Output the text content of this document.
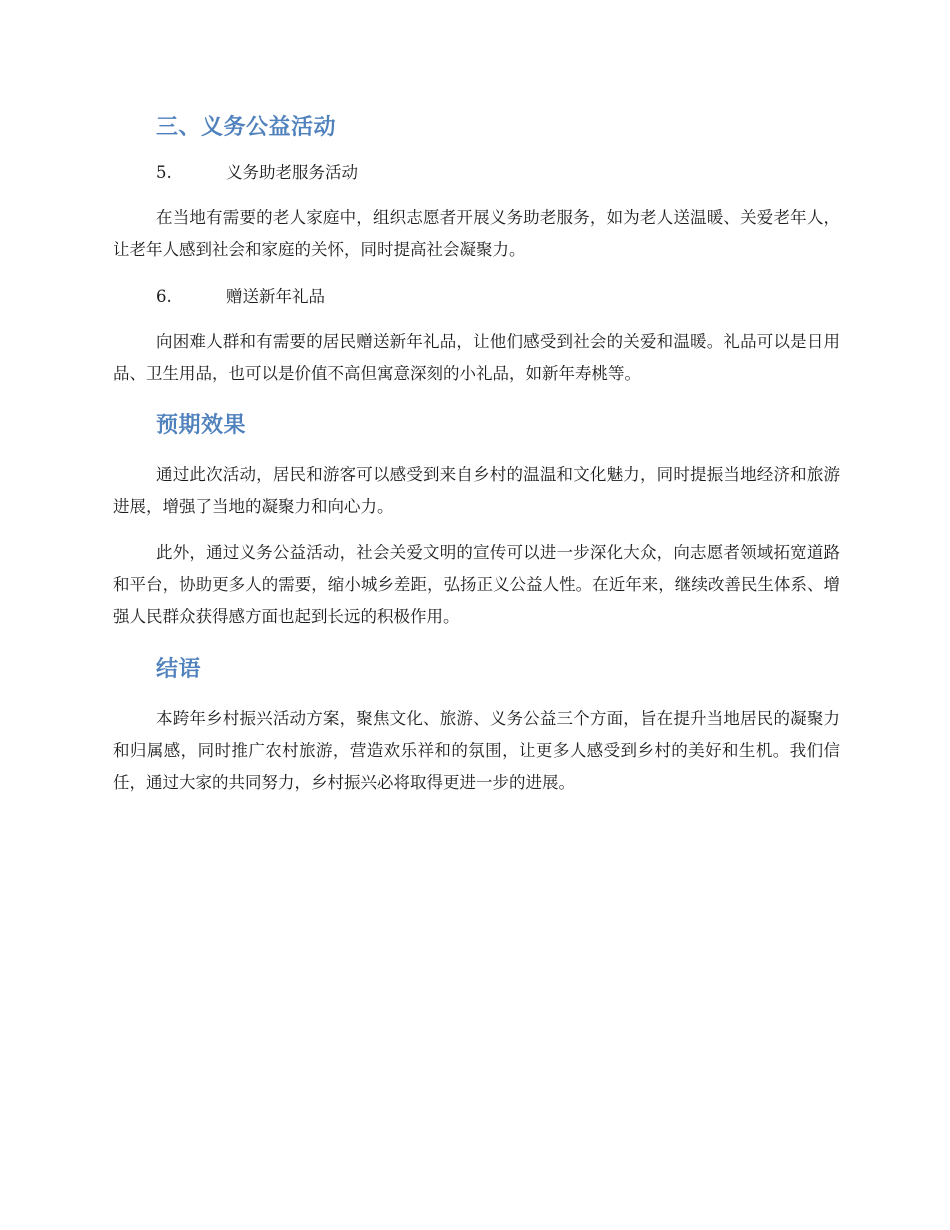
三、义务公益活动
5.	义务助老服务活动

在当地有需要的老人家庭中，组织志愿者开展义务助老服务，如为老人送温暖、关爱老年人，让老年人感到社会和家庭的关怀，同时提高社会凝聚力。

6.	赠送新年礼品

向困难人群和有需要的居民赠送新年礼品，让他们感受到社会的关爱和温暖。礼品可以是日用品、卫生用品，也可以是价值不高但寓意深刻的小礼品，如新年寿桃等。

预期效果

通过此次活动，居民和游客可以感受到来自乡村的温温和文化魅力，同时提振当地经济和旅游进展，增强了当地的凝聚力和向心力。

此外，通过义务公益活动，社会关爱文明的宣传可以进一步深化大众，向志愿者领域拓宽道路和平台，协助更多人的需要，缩小城乡差距，弘扬正义公益人性。在近年来，继续改善民生体系、增强人民群众获得感方面也起到长远的积极作用。

结语

本跨年乡村振兴活动方案，聚焦文化、旅游、义务公益三个方面，旨在提升当地居民的凝聚力和归属感，同时推广农村旅游，营造欢乐祥和的氛围，让更多人感受到乡村的美好和生机。我们信任，通过大家的共同努力，乡村振兴必将取得更进一步的进展。
